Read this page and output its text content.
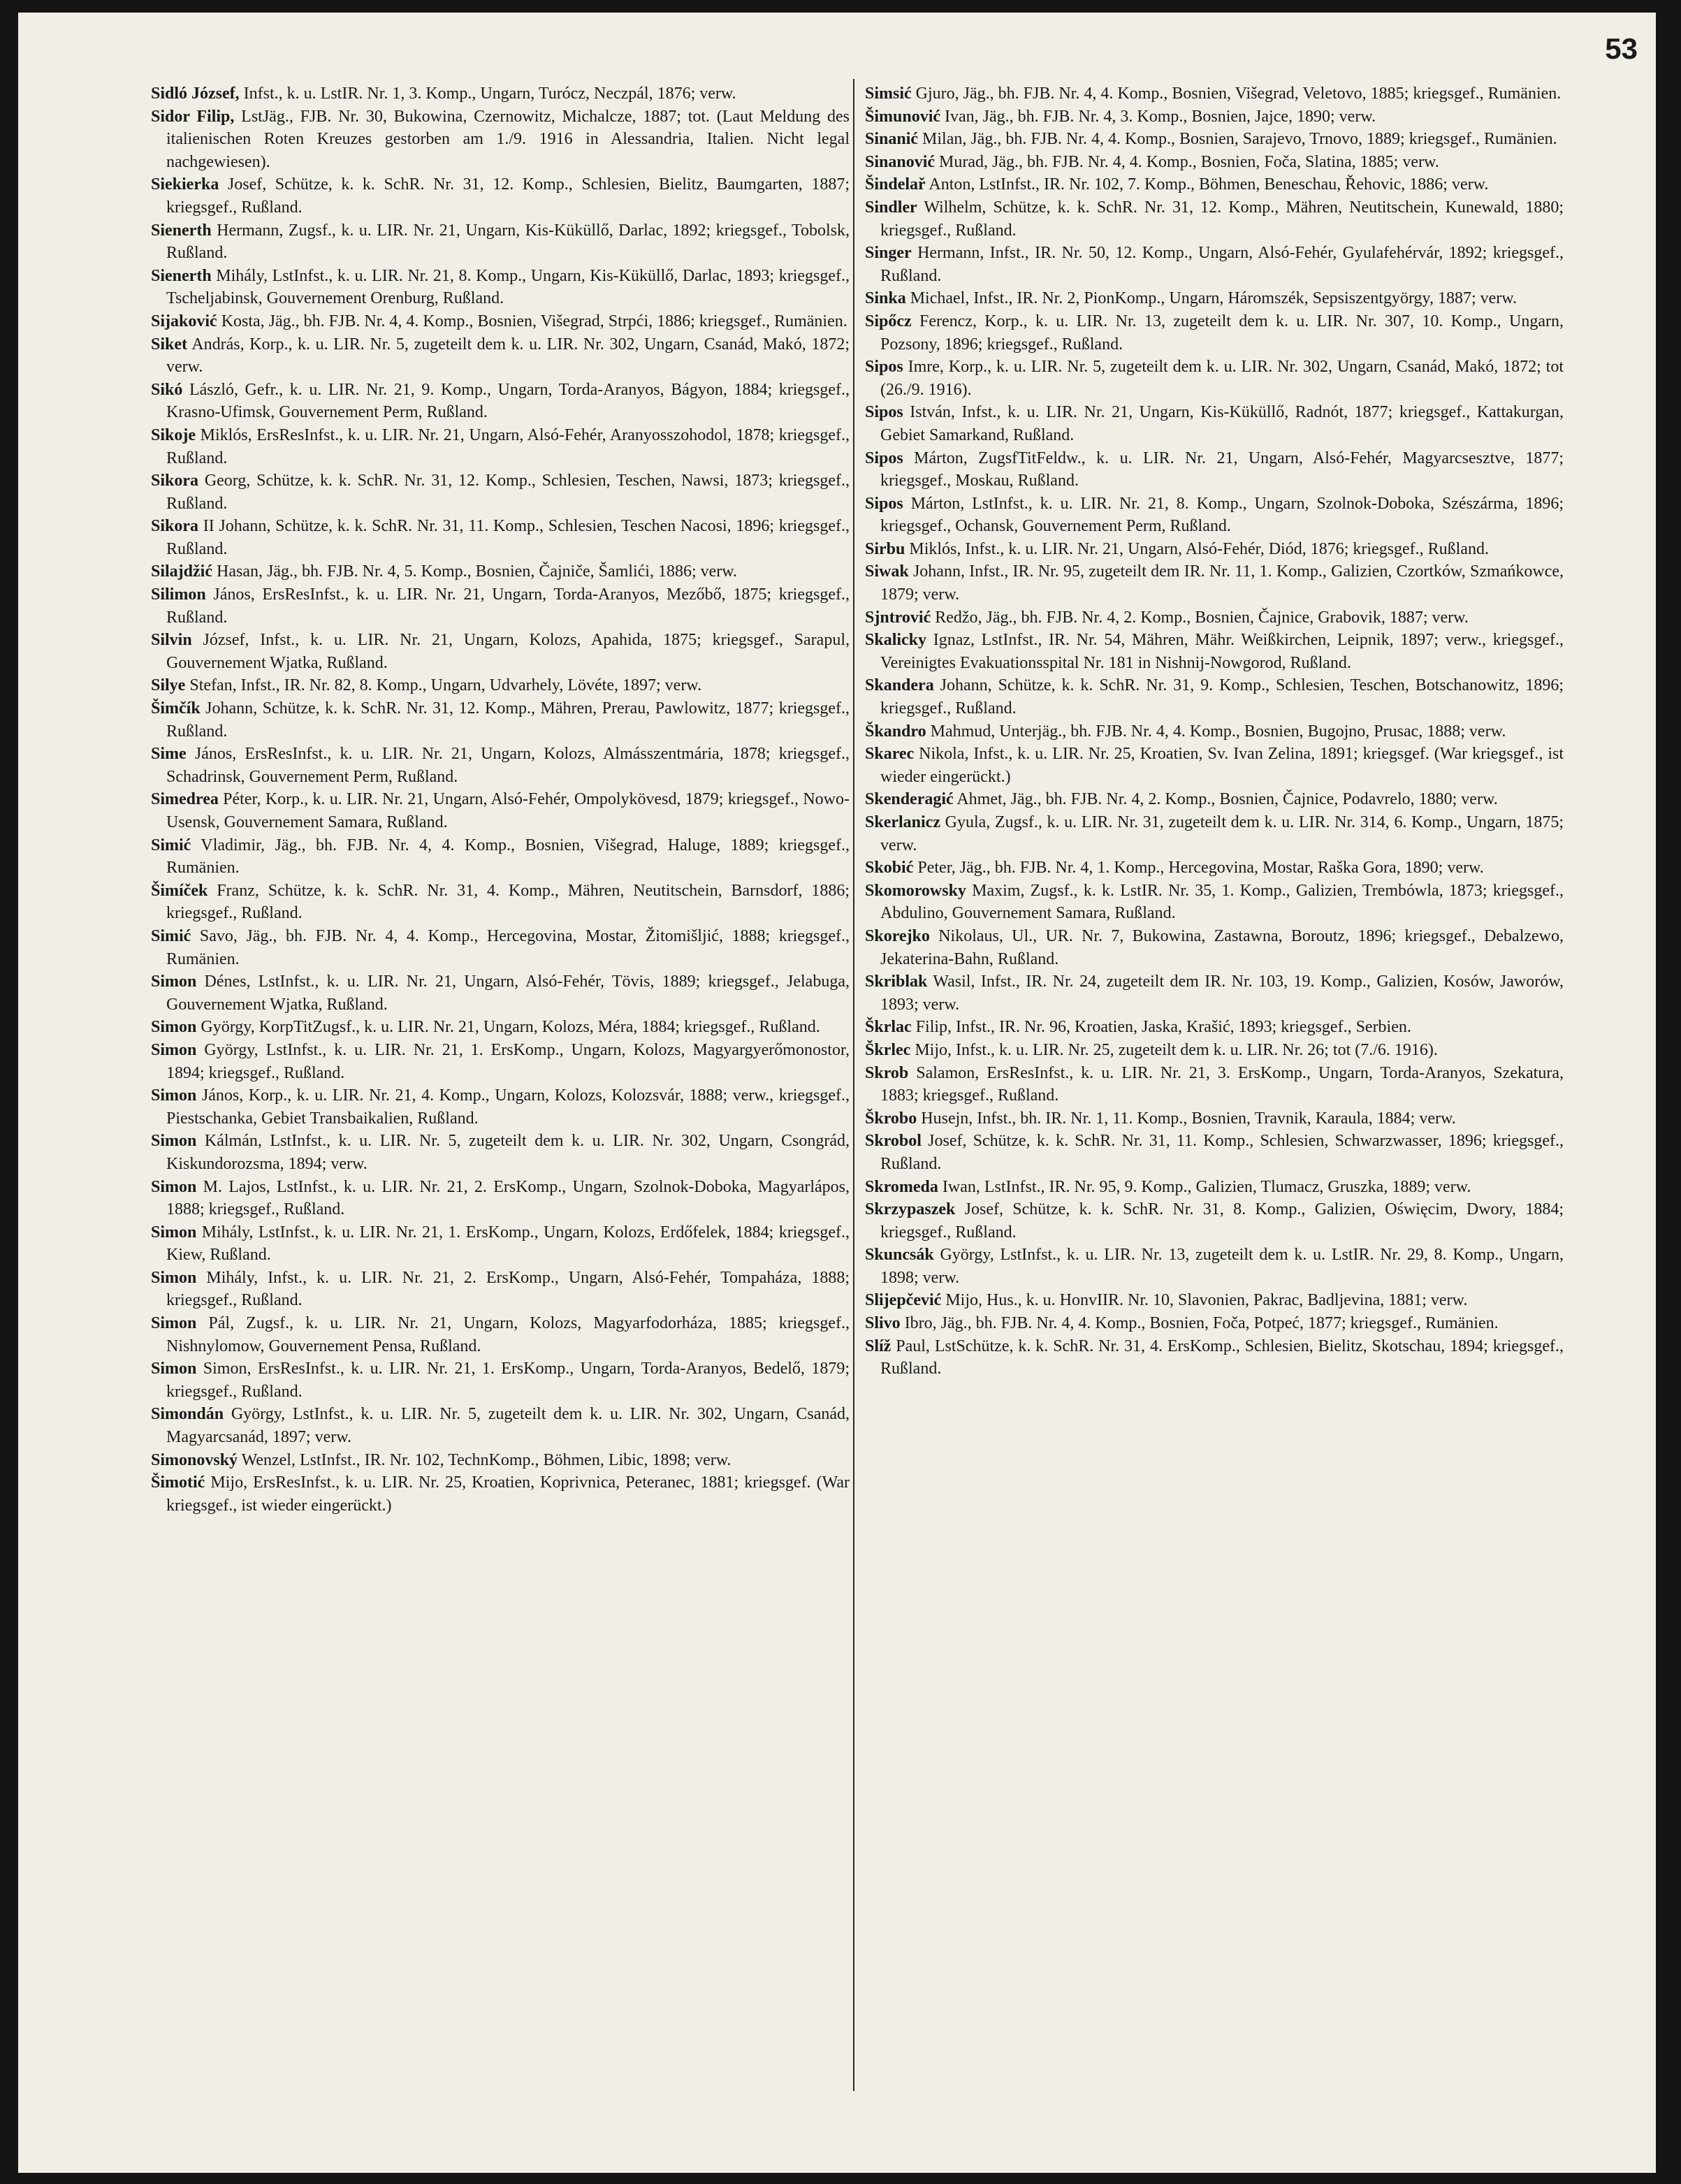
53

Sidló József, Infst., k. u. LstIR. Nr. 1, 3. Komp., Ungarn, Turócz, Neczpál, 1876; verw.

Sidor Filip, LstJäg., FJB. Nr. 30, Bukowina, Czernowitz, Michalcze, 1887; tot. (Laut Meldung des italienischen Roten Kreuzes gestorben am 1./9. 1916 in Alessandria, Italien. Nicht legal nachgewiesen).

Siekierka Josef, Schütze, k. k. SchR. Nr. 31, 12. Komp., Schlesien, Bielitz, Baumgarten, 1887; kriegsgef., Rußland.

Sienerth Hermann, Zugsf., k. u. LIR. Nr. 21, Ungarn, Kis-Küküllő, Darlac, 1892; kriegsgef., Tobolsk, Rußland.

Sienerth Mihály, LstInfst., k. u. LIR. Nr. 21, 8. Komp., Ungarn, Kis-Küküllő, Darlac, 1893; kriegsgef., Tscheljabinsk, Gouvernement Orenburg, Rußland.

Sijaković Kosta, Jäg., bh. FJB. Nr. 4, 4. Komp., Bosnien, Višegrad, Strpći, 1886; kriegsgef., Rumänien.

Siket András, Korp., k. u. LIR. Nr. 5, zugeteilt dem k. u. LIR. Nr. 302, Ungarn, Csanád, Makó, 1872; verw.

Sikó László, Gefr., k. u. LIR. Nr. 21, 9. Komp., Ungarn, Torda-Aranyos, Bágyon, 1884; kriegsgef., Krasno-Ufimsk, Gouvernement Perm, Rußland.

Sikoje Miklós, ErsResInfst., k. u. LIR. Nr. 21, Ungarn, Alsó-Fehér, Aranyosszohodol, 1878; kriegsgef., Rußland.

Sikora Georg, Schütze, k. k. SchR. Nr. 31, 12. Komp., Schlesien, Teschen, Nawsi, 1873; kriegsgef., Rußland.

Sikora II Johann, Schütze, k. k. SchR. Nr. 31, 11. Komp., Schlesien, Teschen Nacosi, 1896; kriegsgef., Rußland.

Silajdžić Hasan, Jäg., bh. FJB. Nr. 4, 5. Komp., Bosnien, Čajniče, Šamlići, 1886; verw.

Silimon János, ErsResInfst., k. u. LIR. Nr. 21, Ungarn, Torda-Aranyos, Mezőbő, 1875; kriegsgef., Rußland.

Silvin József, Infst., k. u. LIR. Nr. 21, Ungarn, Kolozs, Apahida, 1875; kriegsgef., Sarapul, Gouvernement Wjatka, Rußland.

Silye Stefan, Infst., IR. Nr. 82, 8. Komp., Ungarn, Udvarhely, Lövéte, 1897; verw.

Šimčík Johann, Schütze, k. k. SchR. Nr. 31, 12. Komp., Mähren, Prerau, Pawlowitz, 1877; kriegsgef., Rußland.

Sime János, ErsResInfst., k. u. LIR. Nr. 21, Ungarn, Kolozs, Almásszentmária, 1878; kriegsgef., Schadrinsk, Gouvernement Perm, Rußland.

Simedrea Péter, Korp., k. u. LIR. Nr. 21, Ungarn, Alsó-Fehér, Ompolykövesd, 1879; kriegsgef., Nowo-Usensk, Gouvernement Samara, Rußland.

Simić Vladimir, Jäg., bh. FJB. Nr. 4, 4. Komp., Bosnien, Višegrad, Haluge, 1889; kriegsgef., Rumänien.

Šimíček Franz, Schütze, k. k. SchR. Nr. 31, 4. Komp., Mähren, Neutitschein, Barnsdorf, 1886; kriegsgef., Rußland.

Simić Savo, Jäg., bh. FJB. Nr. 4, 4. Komp., Hercegovina, Mostar, Žitomišljić, 1888; kriegsgef., Rumänien.

Simon Dénes, LstInfst., k. u. LIR. Nr. 21, Ungarn, Alsó-Fehér, Tövis, 1889; kriegsgef., Jelabuga, Gouvernement Wjatka, Rußland.

Simon György, KorpTitZugsf., k. u. LIR. Nr. 21, Ungarn, Kolozs, Méra, 1884; kriegsgef., Rußland.

Simon György, LstInfst., k. u. LIR. Nr. 21, 1. ErsKomp., Ungarn, Kolozs, Magyargyerőmonostor, 1894; kriegsgef., Rußland.

Simon János, Korp., k. u. LIR. Nr. 21, 4. Komp., Ungarn, Kolozs, Kolozsvár, 1888; verw., kriegsgef., Piestschanka, Gebiet Transbaikalien, Rußland.

Simon Kálmán, LstInfst., k. u. LIR. Nr. 5, zugeteilt dem k. u. LIR. Nr. 302, Ungarn, Csongrád, Kiskundorozsma, 1894; verw.

Simon M. Lajos, LstInfst., k. u. LIR. Nr. 21, 2. ErsKomp., Ungarn, Szolnok-Doboka, Magyarlápos, 1888; kriegsgef., Rußland.

Simon Mihály, LstInfst., k. u. LIR. Nr. 21, 1. ErsKomp., Ungarn, Kolozs, Erdőfelek, 1884; kriegsgef., Kiew, Rußland.

Simon Mihály, Infst., k. u. LIR. Nr. 21, 2. ErsKomp., Ungarn, Alsó-Fehér, Tompaháza, 1888; kriegsgef., Rußland.

Simon Pál, Zugsf., k. u. LIR. Nr. 21, Ungarn, Kolozs, Magyarfodorháza, 1885; kriegsgef., Nishnylomow, Gouvernement Pensa, Rußland.

Simon Simon, ErsResInfst., k. u. LIR. Nr. 21, 1. ErsKomp., Ungarn, Torda-Aranyos, Bedelő, 1879; kriegsgef., Rußland.

Simondán György, LstInfst., k. u. LIR. Nr. 5, zugeteilt dem k. u. LIR. Nr. 302, Ungarn, Csanád, Magyarcsanád, 1897; verw.

Simonovský Wenzel, LstInfst., IR. Nr. 102, TechnKomp., Böhmen, Libic, 1898; verw.

Šimotić Mijo, ErsResInfst., k. u. LIR. Nr. 25, Kroatien, Koprivnica, Peteranec, 1881; kriegsgef. (War kriegsgef., ist wieder eingerückt.)

Simsić Gjuro, Jäg., bh. FJB. Nr. 4, 4. Komp., Bosnien, Višegrad, Veletovo, 1885; kriegsgef., Rumänien.

Šimunović Ivan, Jäg., bh. FJB. Nr. 4, 3. Komp., Bosnien, Jajce, 1890; verw.

Sinanić Milan, Jäg., bh. FJB. Nr. 4, 4. Komp., Bosnien, Sarajevo, Trnovo, 1889; kriegsgef., Rumänien.

Sinanović Murad, Jäg., bh. FJB. Nr. 4, 4. Komp., Bosnien, Foča, Slatina, 1885; verw.

Šindelař Anton, LstInfst., IR. Nr. 102, 7. Komp., Böhmen, Beneschau, Řehovic, 1886; verw.

Sindler Wilhelm, Schütze, k. k. SchR. Nr. 31, 12. Komp., Mähren, Neutitschein, Kunewald, 1880; kriegsgef., Rußland.

Singer Hermann, Infst., IR. Nr. 50, 12. Komp., Ungarn, Alsó-Fehér, Gyulafehérvár, 1892; kriegsgef., Rußland.

Sinka Michael, Infst., IR. Nr. 2, PionKomp., Ungarn, Háromszék, Sepsiszentgyörgy, 1887; verw.

Sipőcz Ferencz, Korp., k. u. LIR. Nr. 13, zugeteilt dem k. u. LIR. Nr. 307, 10. Komp., Ungarn, Pozsony, 1896; kriegsgef., Rußland.

Sipos Imre, Korp., k. u. LIR. Nr. 5, zugeteilt dem k. u. LIR. Nr. 302, Ungarn, Csanád, Makó, 1872; tot (26./9. 1916).

Sipos István, Infst., k. u. LIR. Nr. 21, Ungarn, Kis-Küküllő, Radnót, 1877; kriegsgef., Kattakurgan, Gebiet Samarkand, Rußland.

Sipos Márton, ZugsfTitFeldw., k. u. LIR. Nr. 21, Ungarn, Alsó-Fehér, Magyarcsesztve, 1877; kriegsgef., Moskau, Rußland.

Sipos Márton, LstInfst., k. u. LIR. Nr. 21, 8. Komp., Ungarn, Szolnok-Doboka, Szészárma, 1896; kriegsgef., Ochansk, Gouvernement Perm, Rußland.

Sirbu Miklós, Infst., k. u. LIR. Nr. 21, Ungarn, Alsó-Fehér, Diód, 1876; kriegsgef., Rußland.

Siwak Johann, Infst., IR. Nr. 95, zugeteilt dem IR. Nr. 11, 1. Komp., Galizien, Czortków, Szmańkowce, 1879; verw.

Sjntrović Redžo, Jäg., bh. FJB. Nr. 4, 2. Komp., Bosnien, Čajnice, Grabovik, 1887; verw.

Skalicky Ignaz, LstInfst., IR. Nr. 54, Mähren, Mähr. Weißkirchen, Leipnik, 1897; verw., kriegsgef., Vereinigtes Evakuationsspital Nr. 181 in Nishnij-Nowgorod, Rußland.

Skandera Johann, Schütze, k. k. SchR. Nr. 31, 9. Komp., Schlesien, Teschen, Botschanowitz, 1896; kriegsgef., Rußland.

Škandro Mahmud, Unterjäg., bh. FJB. Nr. 4, 4. Komp., Bosnien, Bugojno, Prusac, 1888; verw.

Skarec Nikola, Infst., k. u. LIR. Nr. 25, Kroatien, Sv. Ivan Zelina, 1891; kriegsgef. (War kriegsgef., ist wieder eingerückt.)

Skenderagić Ahmet, Jäg., bh. FJB. Nr. 4, 2. Komp., Bosnien, Čajnice, Podavrelo, 1880; verw.

Skerlanicz Gyula, Zugsf., k. u. LIR. Nr. 31, zugeteilt dem k. u. LIR. Nr. 314, 6. Komp., Ungarn, 1875; verw.

Skobić Peter, Jäg., bh. FJB. Nr. 4, 1. Komp., Hercegovina, Mostar, Raška Gora, 1890; verw.

Skomorowsky Maxim, Zugsf., k. k. LstIR. Nr. 35, 1. Komp., Galizien, Trembówla, 1873; kriegsgef., Abdulino, Gouvernement Samara, Rußland.

Skorejko Nikolaus, Ul., UR. Nr. 7, Bukowina, Zastawna, Boroutz, 1896; kriegsgef., Debalzewo, Jekaterina-Bahn, Rußland.

Skriblak Wasil, Infst., IR. Nr. 24, zugeteilt dem IR. Nr. 103, 19. Komp., Galizien, Kosów, Jaworów, 1893; verw.

Škrlac Filip, Infst., IR. Nr. 96, Kroatien, Jaska, Krašić, 1893; kriegsgef., Serbien.

Škrlec Mijo, Infst., k. u. LIR. Nr. 25, zugeteilt dem k. u. LIR. Nr. 26; tot (7./6. 1916).

Skrob Salamon, ErsResInfst., k. u. LIR. Nr. 21, 3. ErsKomp., Ungarn, Torda-Aranyos, Szekatura, 1883; kriegsgef., Rußland.

Škrobo Husejn, Infst., bh. IR. Nr. 1, 11. Komp., Bosnien, Travnik, Karaula, 1884; verw.

Skrobol Josef, Schütze, k. k. SchR. Nr. 31, 11. Komp., Schlesien, Schwarzwasser, 1896; kriegsgef., Rußland.

Skromeda Iwan, LstInfst., IR. Nr. 95, 9. Komp., Galizien, Tlumacz, Gruszka, 1889; verw.

Skrzypaszek Josef, Schütze, k. k. SchR. Nr. 31, 8. Komp., Galizien, Oświęcim, Dwory, 1884; kriegsgef., Rußland.

Skuncsák György, LstInfst., k. u. LIR. Nr. 13, zugeteilt dem k. u. LstIR. Nr. 29, 8. Komp., Ungarn, 1898; verw.

Slijepčević Mijo, Hus., k. u. HonvIIR. Nr. 10, Slavonien, Pakrac, Badljevina, 1881; verw.

Slivo Ibro, Jäg., bh. FJB. Nr. 4, 4. Komp., Bosnien, Foča, Potpeć, 1877; kriegsgef., Rumänien.

Slíž Paul, LstSchütze, k. k. SchR. Nr. 31, 4. ErsKomp., Schlesien, Bielitz, Skotschau, 1894; kriegsgef., Rußland.
